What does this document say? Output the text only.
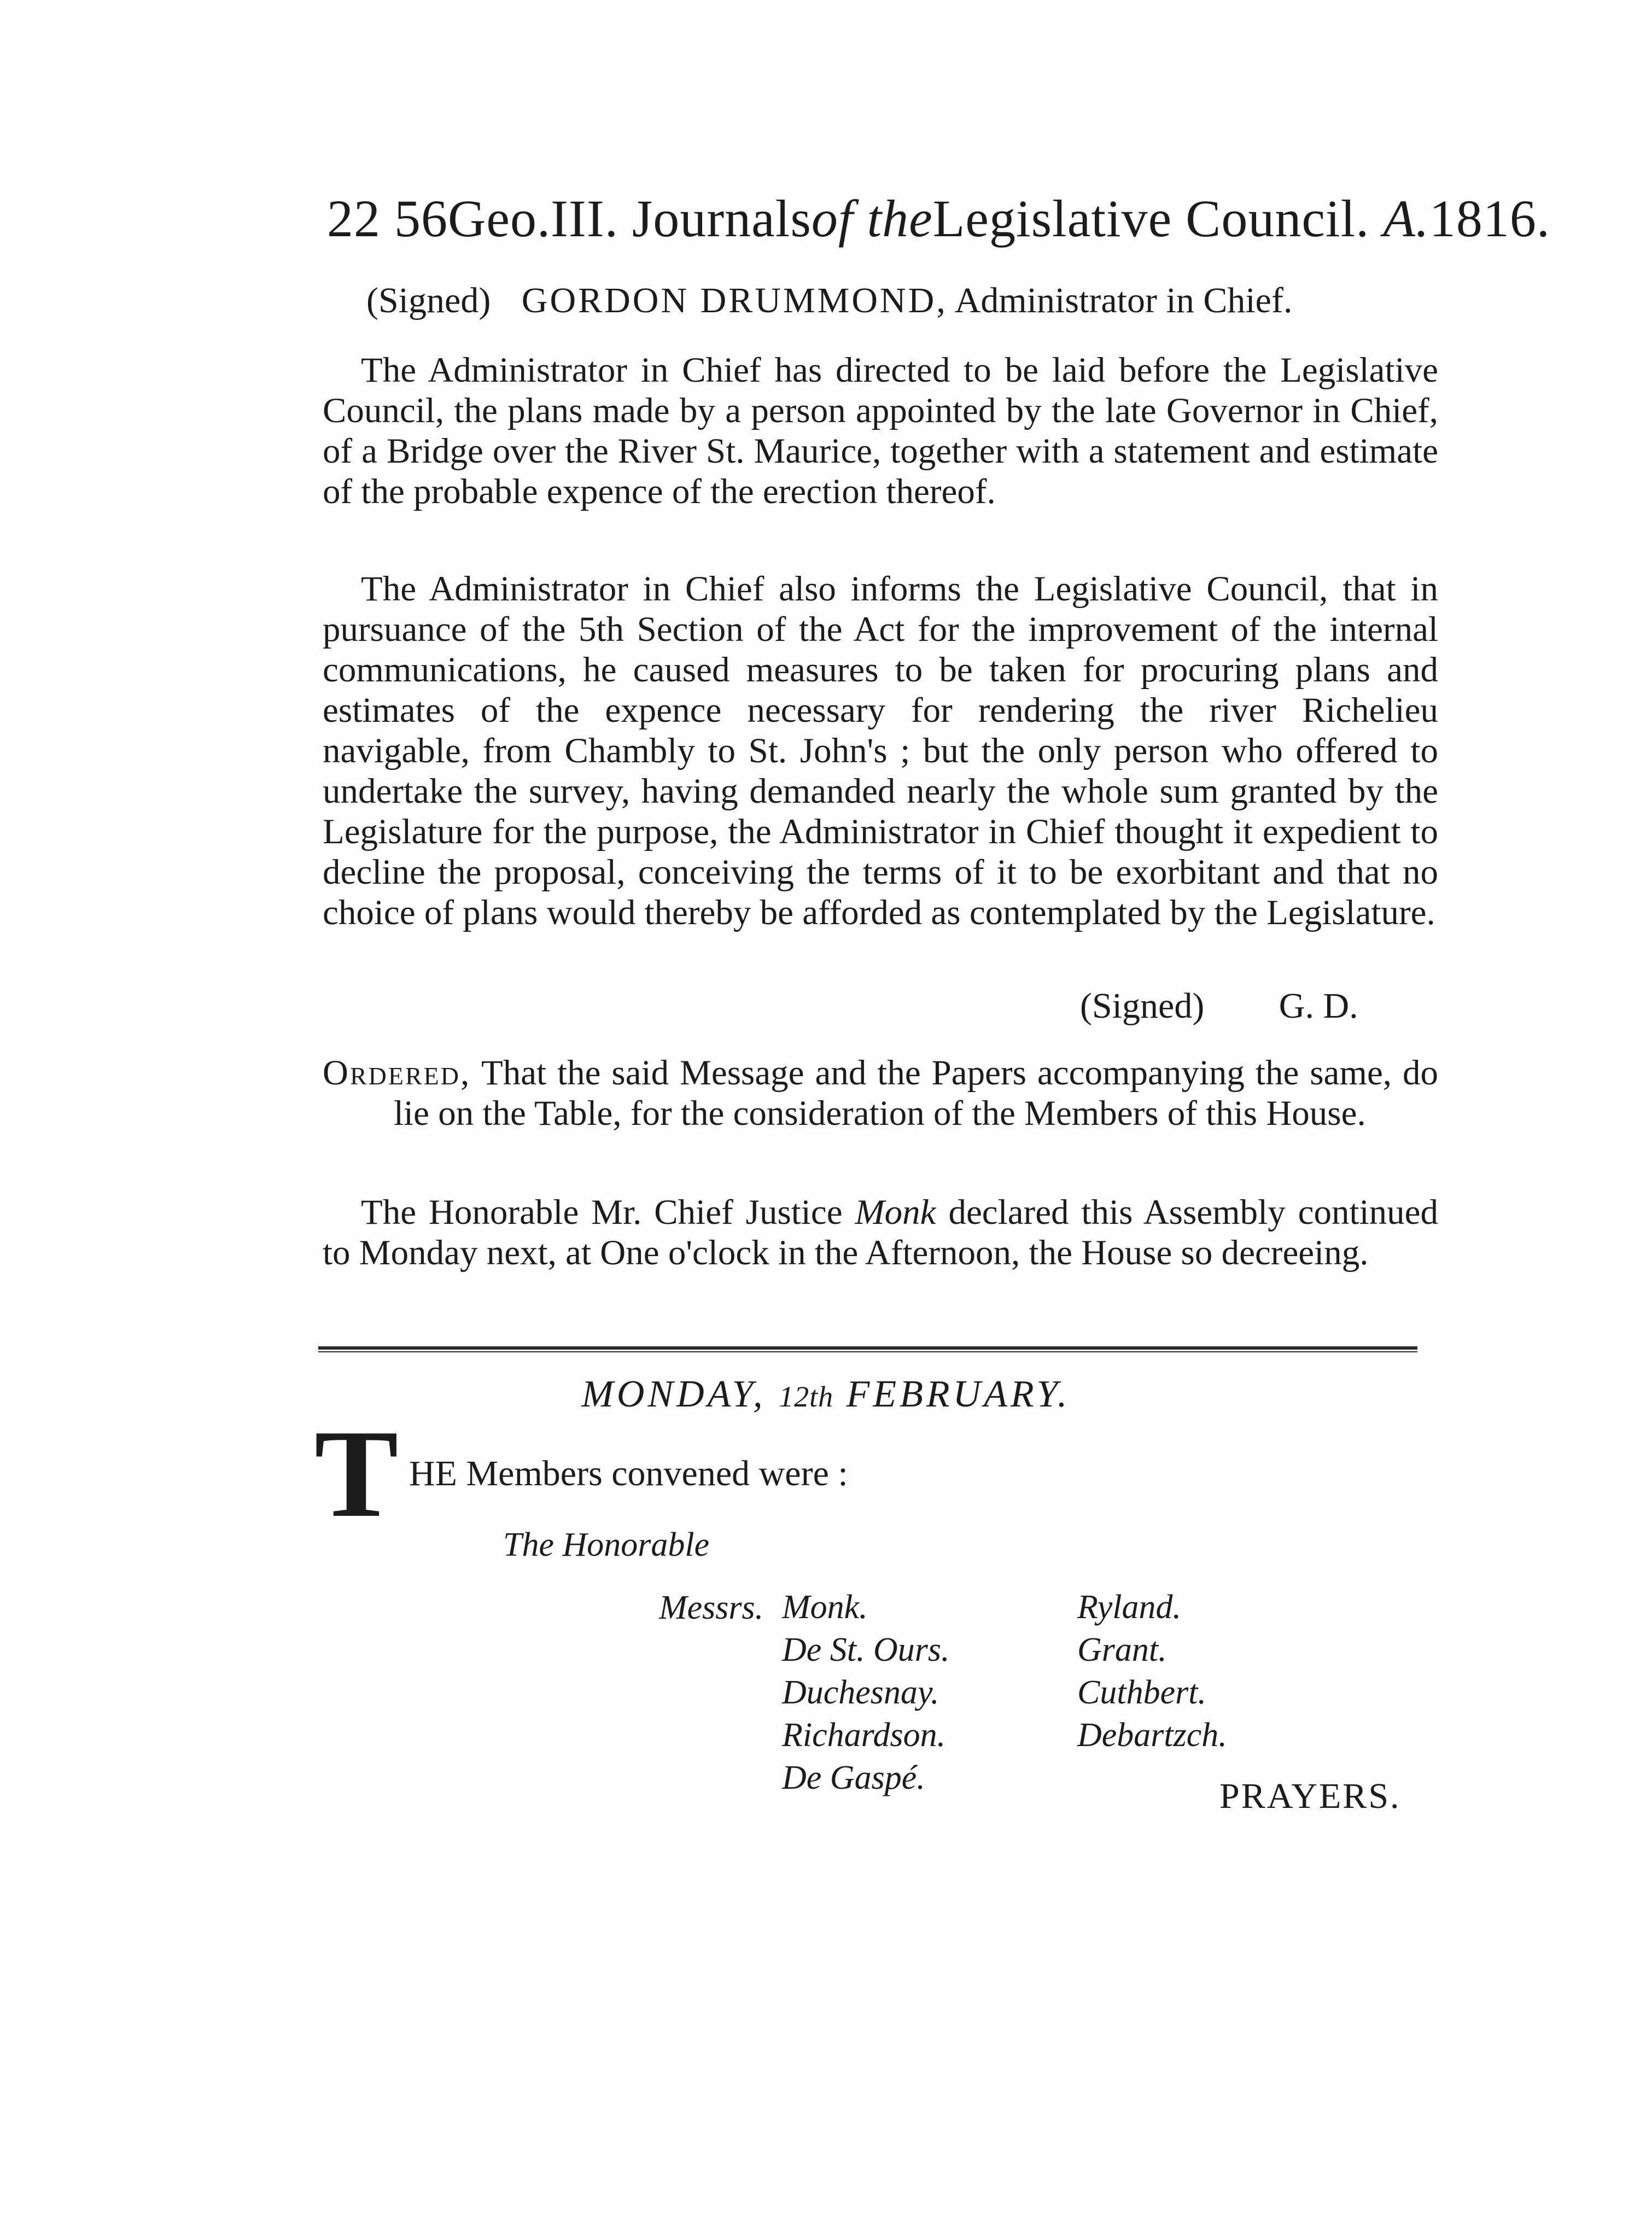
22 56Geo.III. Journalsof theLegislative Council. A.1816.
(Signed) GORDON DRUMMOND, Administrator in Chief.

The Administrator in Chief has directed to be laid before the Legislative Council, the plans made by a person appointed by the late Governor in Chief, of a Bridge over the River St. Maurice, together with a statement and estimate of the probable expence of the erection thereof.

The Administrator in Chief also informs the Legislative Council, that in pursuance of the 5th Section of the Act for the improvement of the internal communications, he caused measures to be taken for procuring plans and estimates of the expence necessary for rendering the river Richelieu navigable, from Chambly to St. John's ; but the only person who offered to undertake the survey, having demanded nearly the whole sum granted by the Legislature for the purpose, the Administrator in Chief thought it expedient to decline the proposal, conceiving the terms of it to be exorbitant and that no choice of plans would thereby be afforded as contemplated by the Legislature.

(Signed) G. D.
Ordered, That the said Message and the Papers accompanying the same, do lie on the Table, for the consideration of the Members of this House.

The Honorable Mr. Chief Justice Monk declared this Assembly continued to Monday next, at One o'clock in the Afternoon, the House so decreeing.

MONDAY, 12th FEBRUARY.
T HE Members convened were :
The Honorable
Messrs. Monk.
De St. Ours.
Duchesnay.
Richardson.
De Gaspé.
Ryland.
Grant.
Cuthbert.
Debartzch.
PRAYERS.
